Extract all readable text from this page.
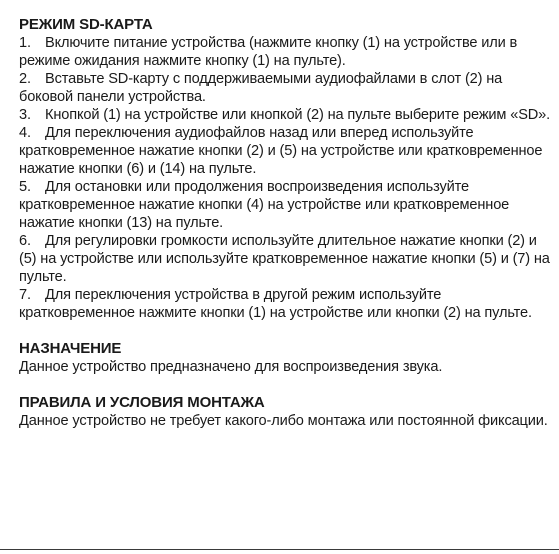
РЕЖИМ SD-КАРТА

1. Включите питание устройства (нажмите кнопку (1) на устройстве или в режиме ожидания нажмите кнопку (1) на пульте).

2. Вставьте SD-карту с поддерживаемыми аудиофайлами в слот (2) на боковой панели устройства.

3. Кнопкой (1) на устройстве или кнопкой (2) на пульте выберите режим «SD».

4. Для переключения аудиофайлов назад или вперед используйте кратковременное нажатие кнопки (2) и (5) на устройстве или кратковременное нажатие кнопки (6) и (14) на пульте.

5. Для остановки или продолжения воспроизведения используйте кратковременное нажатие кнопки (4) на устройстве или кратковременное нажатие кнопки (13) на пульте.

6. Для регулировки громкости используйте длительное нажатие кнопки (2) и (5) на устройстве или используйте кратковременное нажатие кнопки (5) и (7) на пульте.

7. Для переключения устройства в другой режим используйте кратковременное нажмите кнопки (1) на устройстве или кнопки (2) на пульте.

НАЗНАЧЕНИЕ

Данное устройство предназначено для воспроизведения звука.

ПРАВИЛА И УСЛОВИЯ МОНТАЖА

Данное устройство не требует какого-либо монтажа или постоянной фиксации.
